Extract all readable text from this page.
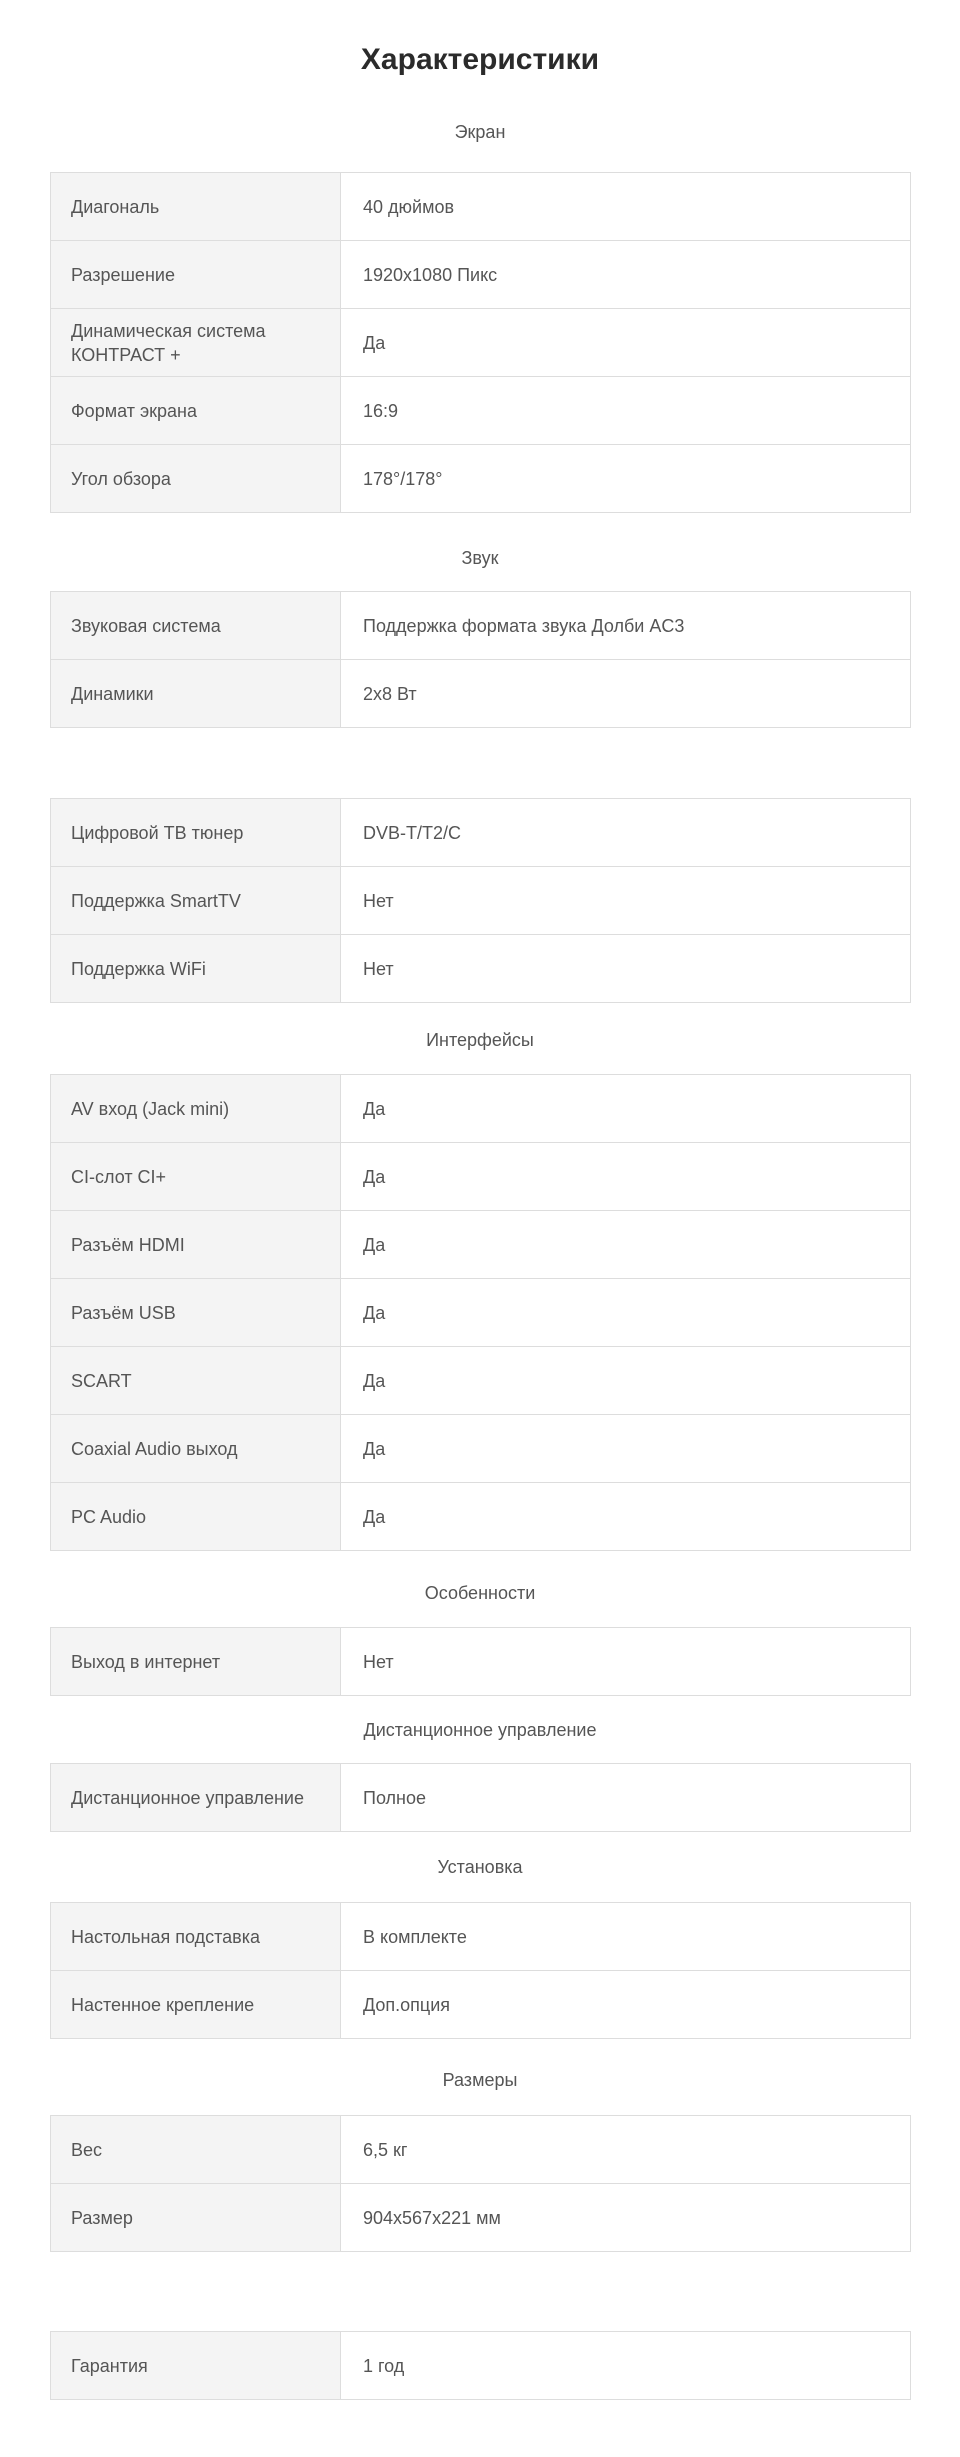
Характеристики
Экран
Диагональ	40 дюймов
Разрешение	1920x1080 Пикс
Динамическая система КОНТРАСТ +	Да
Формат экрана	16:9
Угол обзора	178°/178°
Звук
Звуковая система	Поддержка формата звука Долби AC3
Динамики	2x8 Вт
Цифровой ТВ тюнер	DVB-T/T2/C
Поддержка SmartTV	Нет
Поддержка WiFi	Нет
Интерфейсы
AV вход (Jack mini)	Да
CI-слот CI+	Да
Разъём HDMI	Да
Разъём USB	Да
SCART	Да
Coaxial Audio выход	Да
PC Audio	Да
Особенности
Выход в интернет	Нет
Дистанционное управление
Дистанционное управление	Полное
Установка
Настольная подставка	В комплекте
Настенное крепление	Доп.опция
Размеры
Вес	6,5 кг
Размер	904x567x221 мм
Гарантия	1 год
